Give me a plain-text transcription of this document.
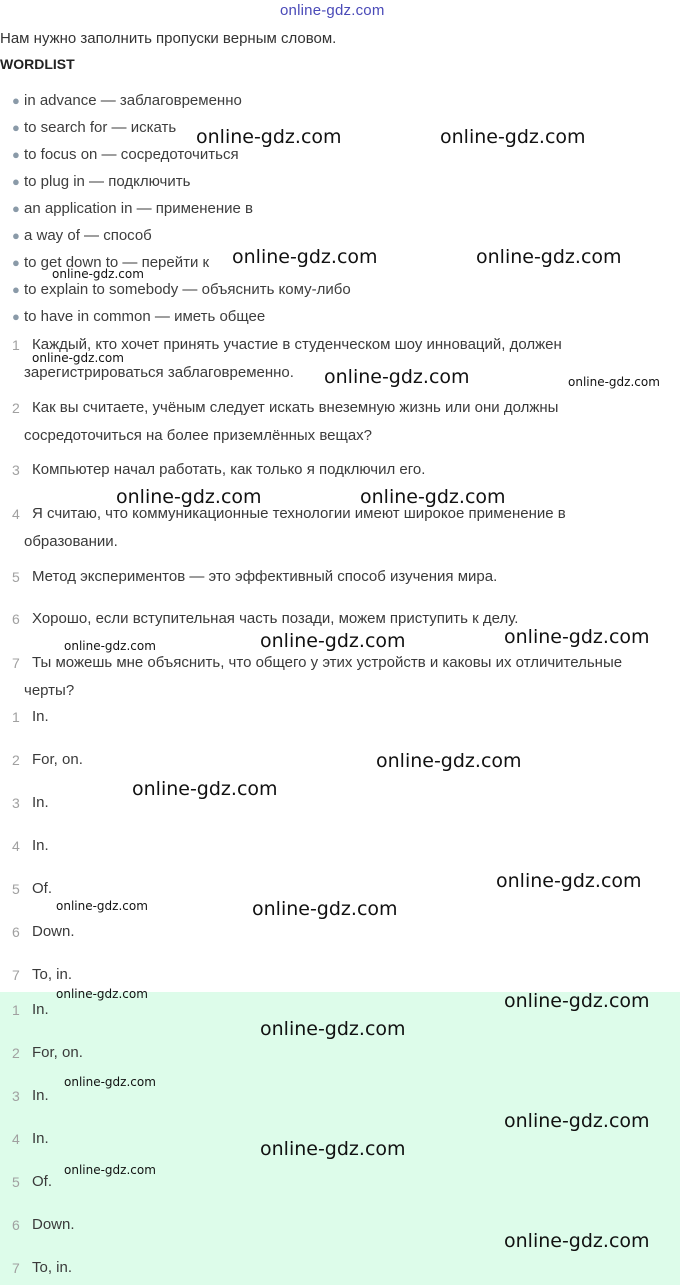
online-gdz.com
Нам нужно заполнить пропуски верным словом.
WORDLIST
● in advance — заблаговременно
● to search for — искать
● to focus on — сосредоточиться
● to plug in — подключить
● an application in — применение в
● a way of — способ
● to get down to — перейти к
● to explain to somebody — объяснить кому-либо
● to have in common — иметь общее
1 Каждый, кто хочет принять участие в студенческом шоу инноваций, должен
зарегистрироваться заблаговременно.
2 Как вы считаете, учёным следует искать внеземную жизнь или они должны
сосредоточиться на более приземлённых вещах?
3 Компьютер начал работать, как только я подключил его.
4 Я считаю, что коммуникационные технологии имеют широкое применение в
образовании.
5 Метод экспериментов — это эффективный способ изучения мира.
6 Хорошо, если вступительная часть позади, можем приступить к делу.
7 Ты можешь мне объяснить, что общего у этих устройств и каковы их отличительные
черты?
1 In.
2 For, on.
3 In.
4 In.
5 Of.
6 Down.
7 To, in.
1 In.
2 For, on.
3 In.
4 In.
5 Of.
6 Down.
7 To, in.
online-gdz.com	online-gdz.com
online-gdz.com	online-gdz.com
online-gdz.com
online-gdz.com
online-gdz.com	online-gdz.com
online-gdz.com	online-gdz.com
online-gdz.com	online-gdz.com	online-gdz.com
online-gdz.com
online-gdz.com
online-gdz.com
online-gdz.com	online-gdz.com
online-gdz.com	online-gdz.com
online-gdz.com
online-gdz.com
online-gdz.com
online-gdz.com
online-gdz.com
online-gdz.com
